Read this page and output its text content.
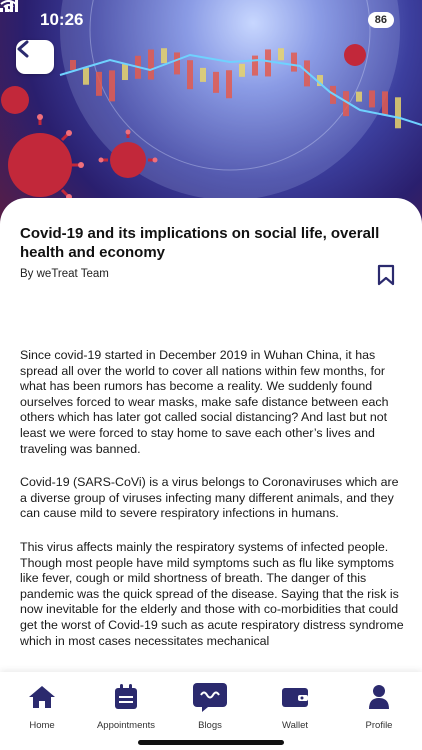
10:26	86
Covid-19 and its implications on social life, overall health and economy
By weTreat Team

Since covid-19 started in December 2019 in Wuhan China, it has spread all over the world to cover all nations within few months, for what has been rumors has become a reality. We suddenly found ourselves forced to wear masks, make safe distance between each others which has later got called social distancing? And last but not least we were forced to stay home to save each other’s lives and traveling was banned.

Covid-19 (SARS-CoVi) is a virus belongs to Coronaviruses which are a diverse group of viruses infecting many different animals, and they can cause mild to severe respiratory infections in humans.

This virus affects mainly the respiratory systems of infected people. Though most people have mild symptoms such as flu like symptoms like fever, cough or mild shortness of breath. The danger of this pandemic was the quick spread of the disease. Saying that the risk is now inevitable for the elderly and those with co-morbidities that could get the worst of Covid-19 such as acute respiratory distress syndrome which in most cases necessitates mechanical

Home	Appointments	Blogs	Wallet	Profile
